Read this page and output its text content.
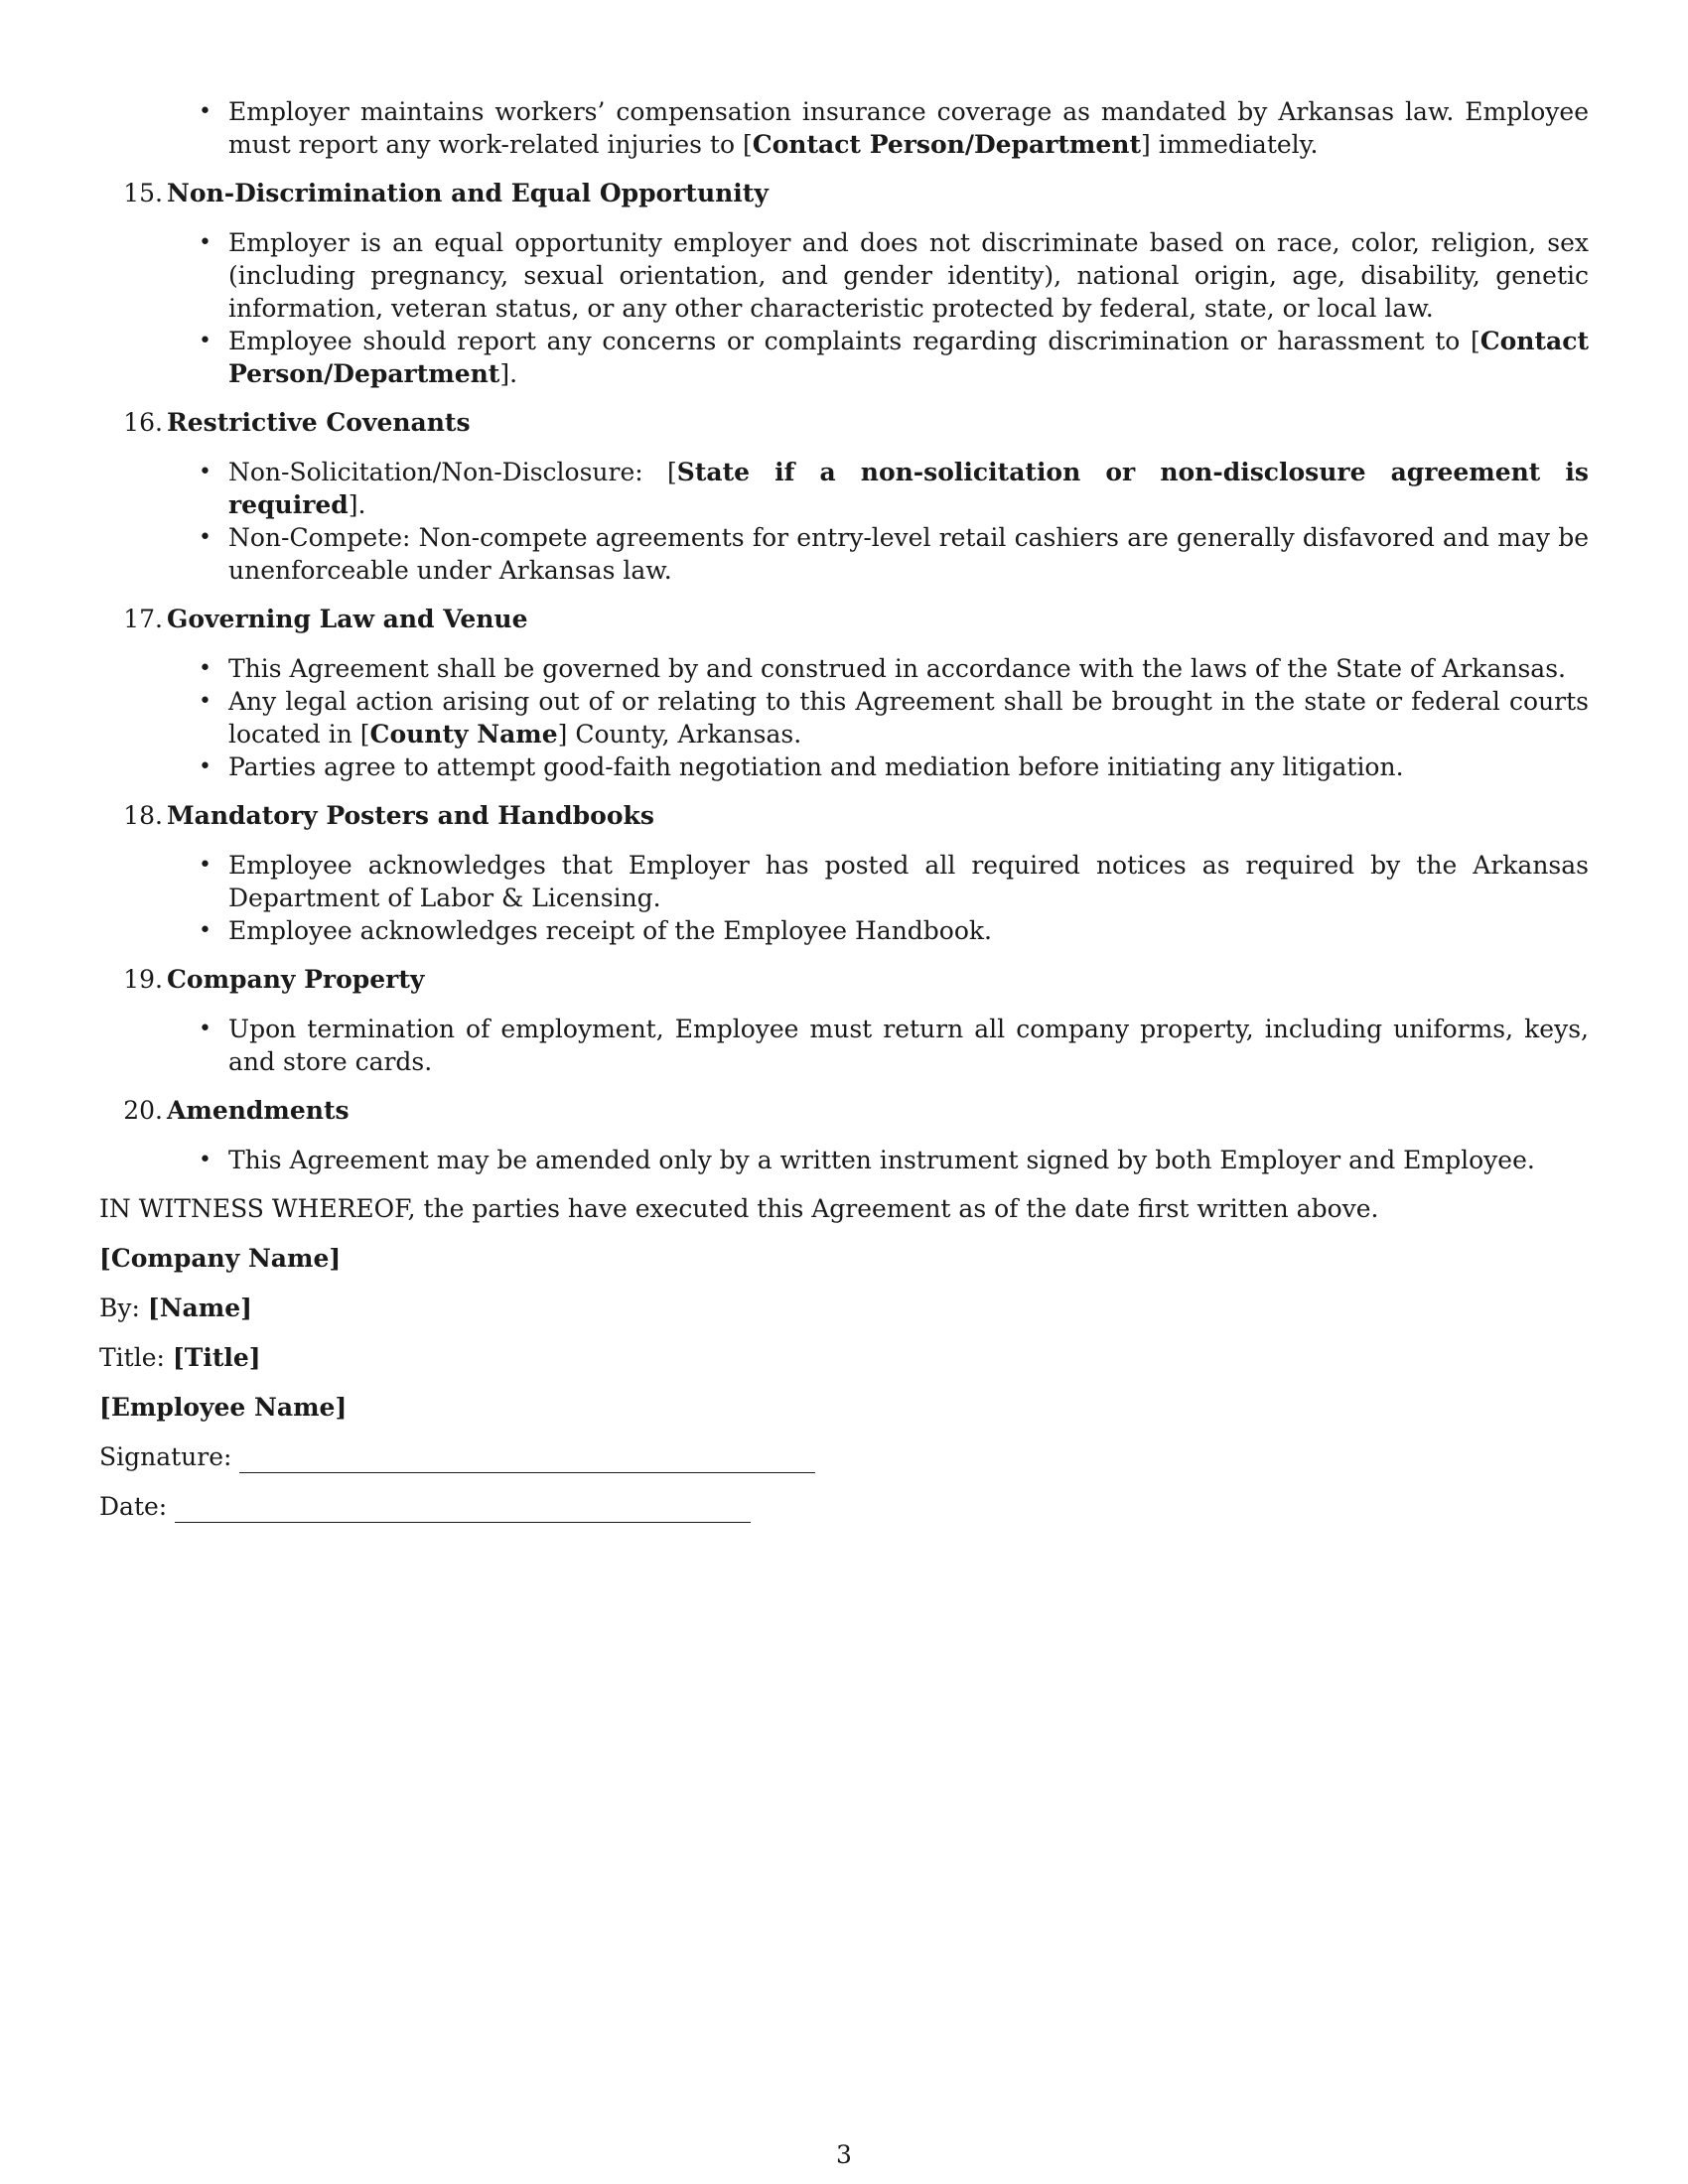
• Employer maintains workers’ compensation insurance coverage as mandated by Arkansas law. Employee must report any work-related injuries to [Contact Person/Department] immediately.
15. Non-Discrimination and Equal Opportunity
• Employer is an equal opportunity employer and does not discriminate based on race, color, religion, sex (including pregnancy, sexual orientation, and gender identity), national origin, age, disability, genetic information, veteran status, or any other characteristic protected by federal, state, or local law.
• Employee should report any concerns or complaints regarding discrimination or harassment to [Contact Person/Department].
16. Restrictive Covenants
• Non-Solicitation/Non-Disclosure: [State if a non-solicitation or non-disclosure agreement is required].
• Non-Compete: Non-compete agreements for entry-level retail cashiers are generally disfavored and may be unenforceable under Arkansas law.
17. Governing Law and Venue
• This Agreement shall be governed by and construed in accordance with the laws of the State of Arkansas.
• Any legal action arising out of or relating to this Agreement shall be brought in the state or federal courts located in [County Name] County, Arkansas.
• Parties agree to attempt good-faith negotiation and mediation before initiating any litigation.
18. Mandatory Posters and Handbooks
• Employee acknowledges that Employer has posted all required notices as required by the Arkansas Department of Labor & Licensing.
• Employee acknowledges receipt of the Employee Handbook.
19. Company Property
• Upon termination of employment, Employee must return all company property, including uniforms, keys, and store cards.
20. Amendments
• This Agreement may be amended only by a written instrument signed by both Employer and Employee.
IN WITNESS WHEREOF, the parties have executed this Agreement as of the date first written above.
[Company Name]
By: [Name]
Title: [Title]
[Employee Name]
Signature:
Date:
3
